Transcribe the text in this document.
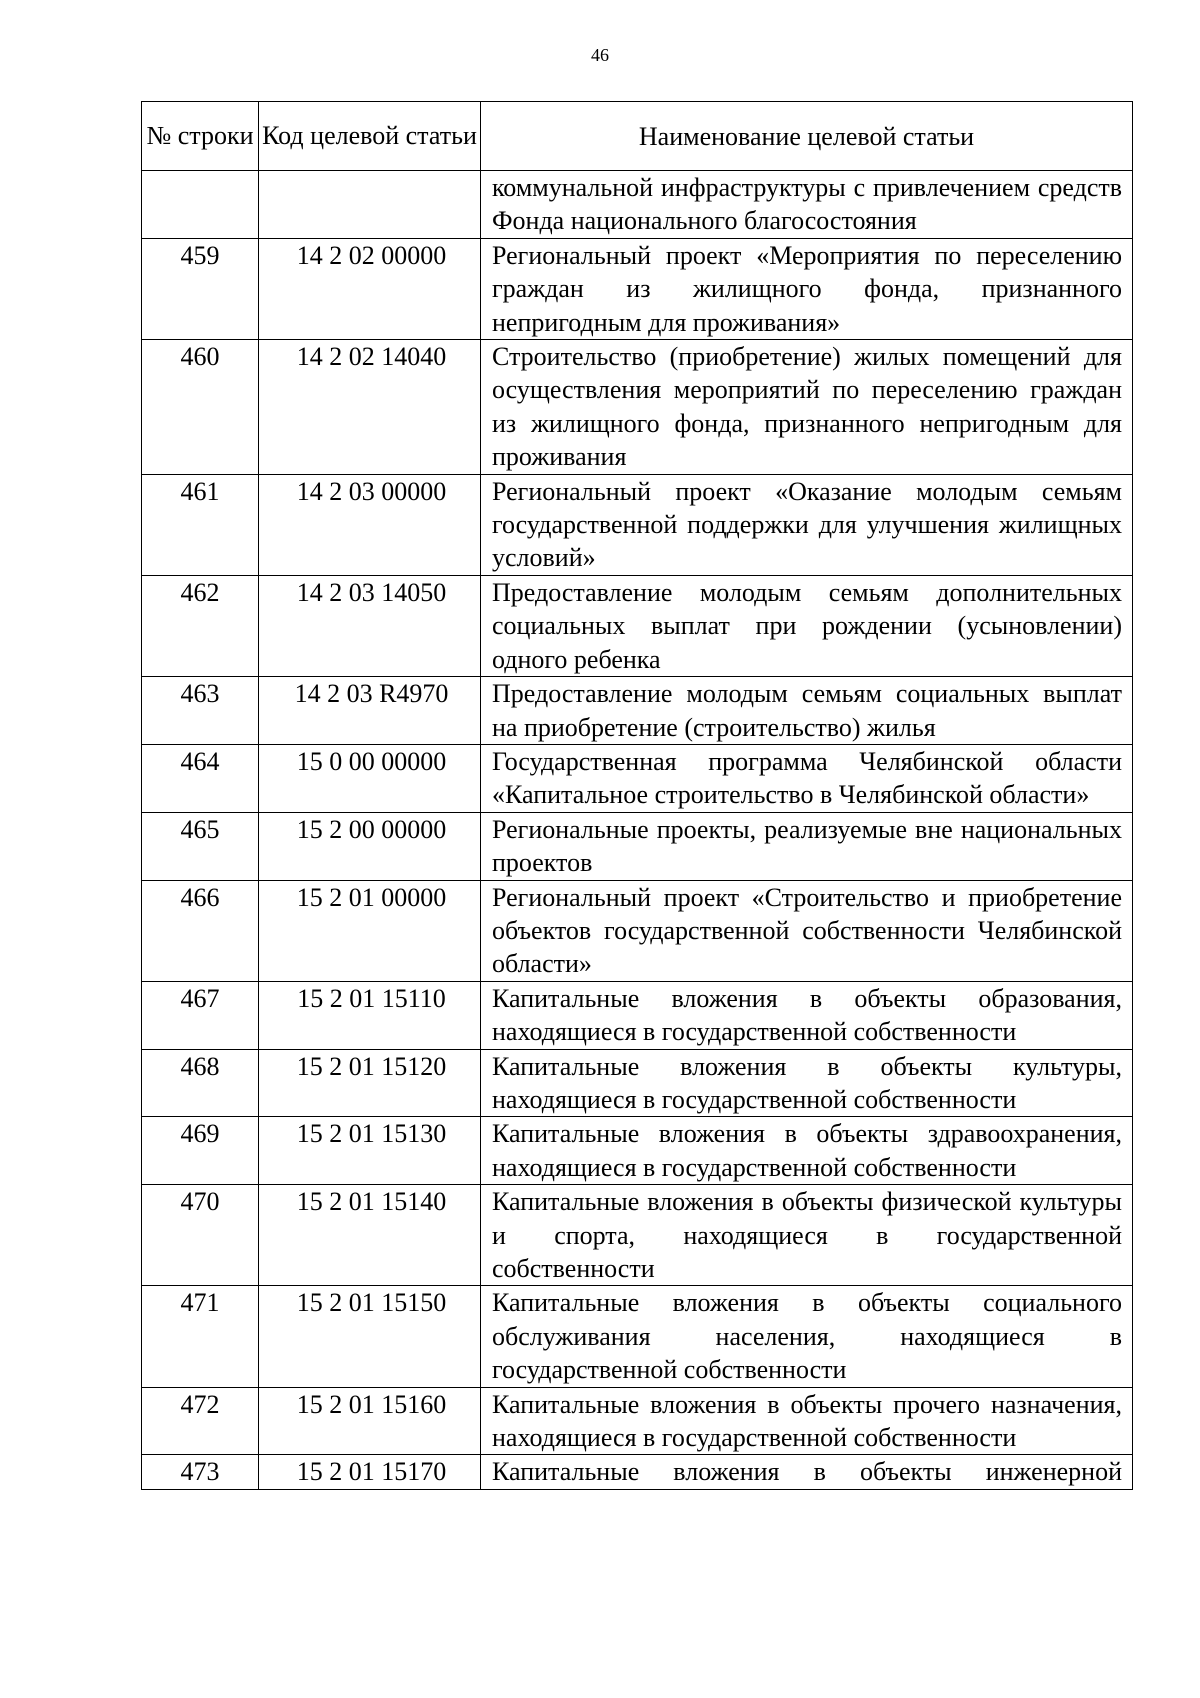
46
№ строки	Код целевой статьи	Наименование целевой статьи
		коммунальной инфраструктуры с привлечением средств Фонда национального благосостояния
459	14 2 02 00000	Региональный проект «Мероприятия по переселению граждан из жилищного фонда, признанного непригодным для проживания»
460	14 2 02 14040	Строительство (приобретение) жилых помещений для осуществления мероприятий по переселению граждан из жилищного фонда, признанного непригодным для проживания
461	14 2 03 00000	Региональный проект «Оказание молодым семьям государственной поддержки для улучшения жилищных условий»
462	14 2 03 14050	Предоставление молодым семьям дополнительных социальных выплат при рождении (усыновлении) одного ребенка
463	14 2 03 R4970	Предоставление молодым семьям социальных выплат на приобретение (строительство) жилья
464	15 0 00 00000	Государственная программа Челябинской области «Капитальное строительство в Челябинской области»
465	15 2 00 00000	Региональные проекты, реализуемые вне национальных проектов
466	15 2 01 00000	Региональный проект «Строительство и приобретение объектов государственной собственности Челябинской области»
467	15 2 01 15110	Капитальные вложения в объекты образования, находящиеся в государственной собственности
468	15 2 01 15120	Капитальные вложения в объекты культуры, находящиеся в государственной собственности
469	15 2 01 15130	Капитальные вложения в объекты здравоохранения, находящиеся в государственной собственности
470	15 2 01 15140	Капитальные вложения в объекты физической культуры и спорта, находящиеся в государственной собственности
471	15 2 01 15150	Капитальные вложения в объекты социального обслуживания населения, находящиеся в государственной собственности
472	15 2 01 15160	Капитальные вложения в объекты прочего назначения, находящиеся в государственной собственности
473	15 2 01 15170	Капитальные вложения в объекты инженерной
